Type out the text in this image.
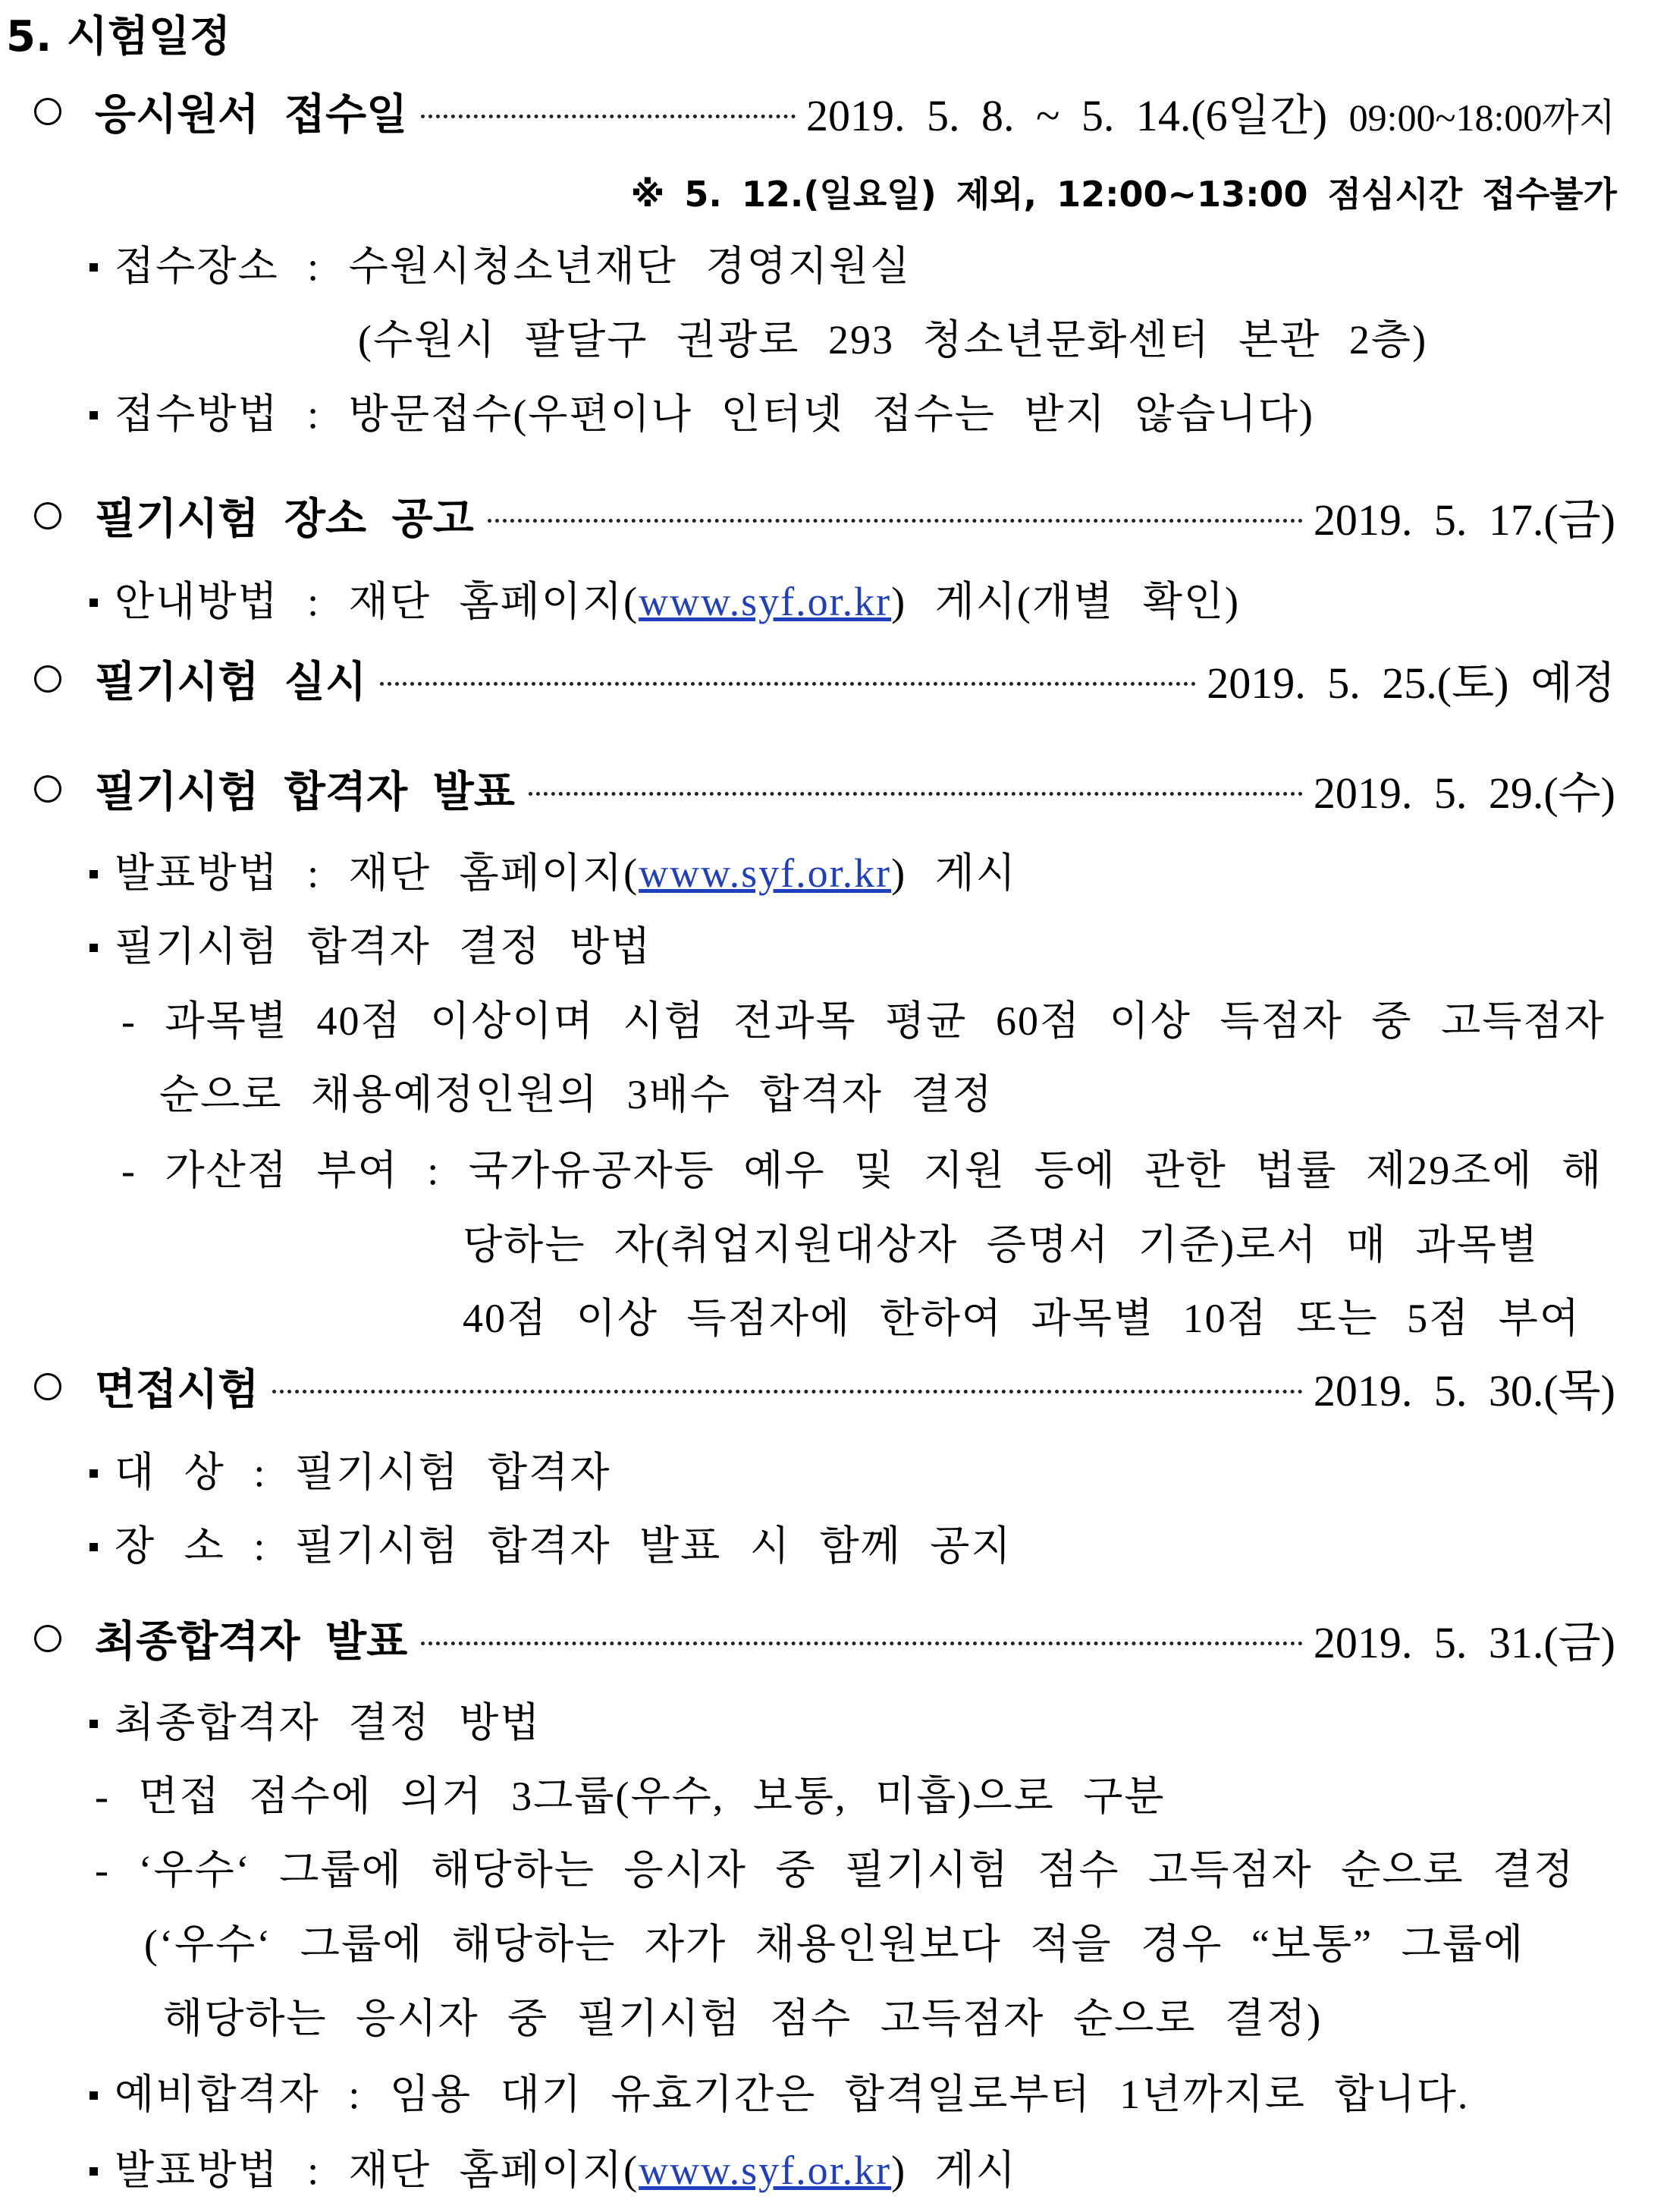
5. 시험일정
응시원서 접수일	2019. 5. 8. ~ 5. 14.(6일간) 09:00~18:00까지
※ 5. 12.(일요일) 제외, 12:00~13:00 점심시간 접수불가
접수장소 : 수원시청소년재단 경영지원실
(수원시 팔달구 권광로 293 청소년문화센터 본관 2층)
접수방법 : 방문접수(우편이나 인터넷 접수는 받지 않습니다)
필기시험 장소 공고	2019. 5. 17.(금)
안내방법 : 재단 홈페이지(www.syf.or.kr) 게시(개별 확인)
필기시험 실시	2019. 5. 25.(토) 예정
필기시험 합격자 발표	2019. 5. 29.(수)
발표방법 : 재단 홈페이지(www.syf.or.kr) 게시
필기시험 합격자 결정 방법
- 과목별 40점 이상이며 시험 전과목 평균 60점 이상 득점자 중 고득점자
순으로 채용예정인원의 3배수 합격자 결정
- 가산점 부여 : 국가유공자등 예우 및 지원 등에 관한 법률 제29조에 해
당하는 자(취업지원대상자 증명서 기준)로서 매 과목별
40점 이상 득점자에 한하여 과목별 10점 또는 5점 부여
면접시험	2019. 5. 30.(목)
대 상 : 필기시험 합격자
장 소 : 필기시험 합격자 발표 시 함께 공지
최종합격자 발표	2019. 5. 31.(금)
최종합격자 결정 방법
- 면접 점수에 의거 3그룹(우수, 보통, 미흡)으로 구분
- ‘우수‘ 그룹에 해당하는 응시자 중 필기시험 점수 고득점자 순으로 결정
(‘우수‘ 그룹에 해당하는 자가 채용인원보다 적을 경우 “보통” 그룹에
해당하는 응시자 중 필기시험 점수 고득점자 순으로 결정)
예비합격자 : 임용 대기 유효기간은 합격일로부터 1년까지로 합니다.
발표방법 : 재단 홈페이지(www.syf.or.kr) 게시
